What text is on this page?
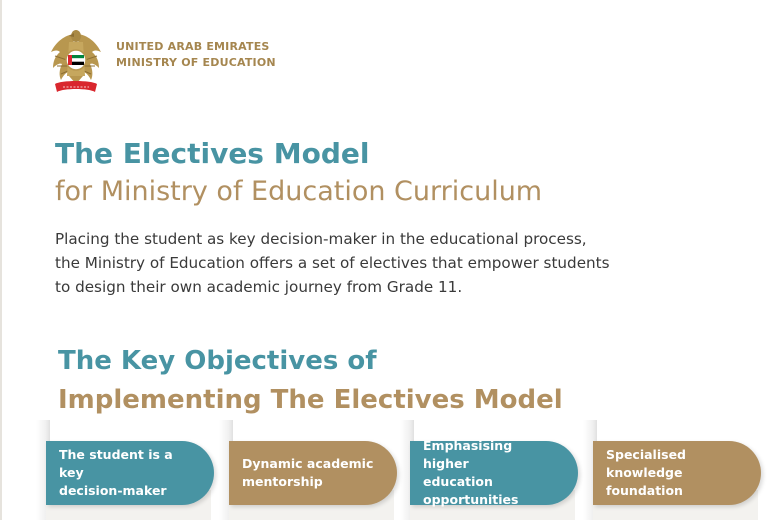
UNITED ARAB EMIRATES
MINISTRY OF EDUCATION
The Electives Model
for Ministry of Education Curriculum
Placing the student as key decision-maker in the educational process,
the Ministry of Education offers a set of electives that empower students
to design their own academic journey from Grade 11.
The Key Objectives of
Implementing The Electives Model
The student is a key
decision-maker
Dynamic academic
mentorship
Emphasising higher
education opportunities
Specialised knowledge
foundation
